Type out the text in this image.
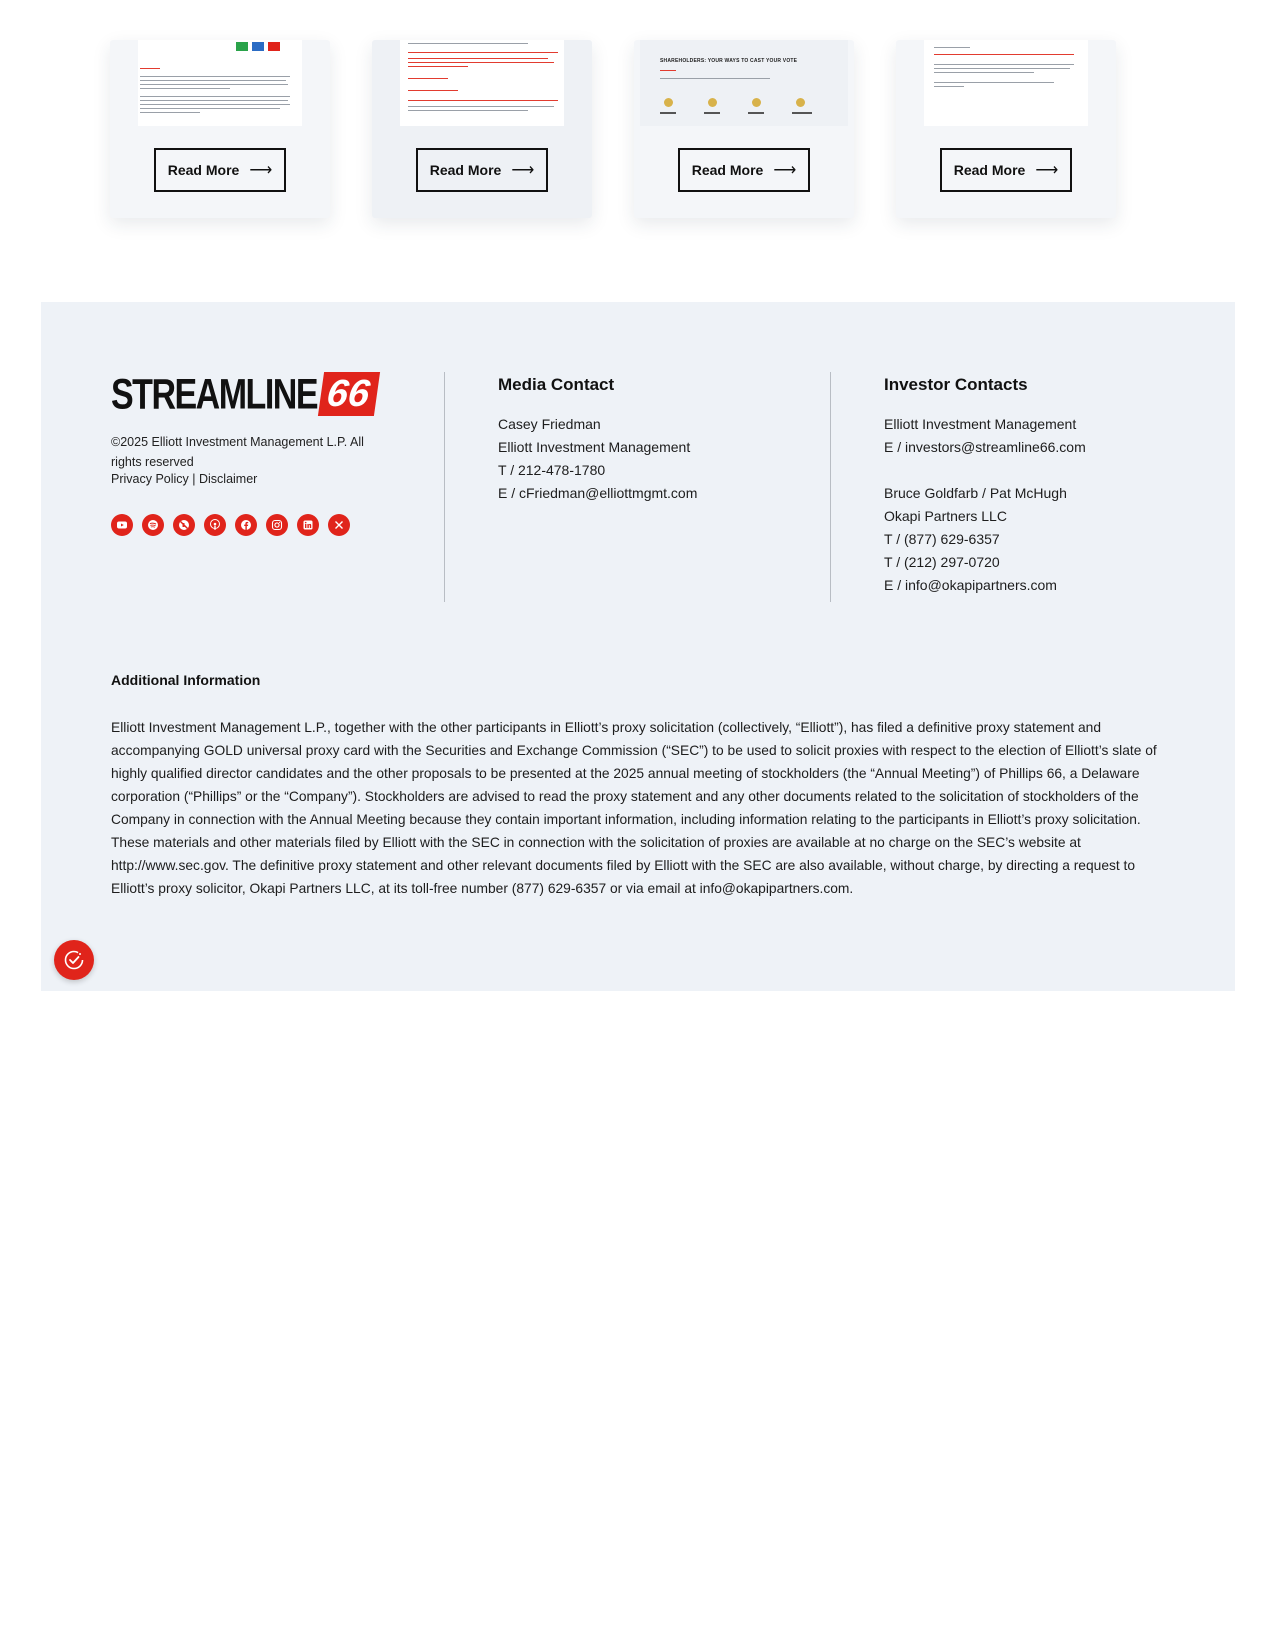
Read More ⟶	Read More ⟶
SHAREHOLDERS: YOUR WAYS TO CAST YOUR VOTE
Read More ⟶	Read More ⟶
STREAMLINE 66
©2025 Elliott Investment Management L.P. All rights reserved
Privacy Policy | Disclaimer
Media Contact

Casey Friedman

Elliott Investment Management

T / 212-478-1780

E / cFriedman@elliottmgmt.com

Investor Contacts

Elliott Investment Management

E / investors@streamline66.com

Bruce Goldfarb / Pat McHugh

Okapi Partners LLC

T / (877) 629-6357

T / (212) 297-0720

E / info@okapipartners.com

Additional Information

Elliott Investment Management L.P., together with the other participants in Elliott’s proxy solicitation (collectively, “Elliott”), has filed a definitive proxy statement and accompanying GOLD universal proxy card with the Securities and Exchange Commission (“SEC”) to be used to solicit proxies with respect to the election of Elliott’s slate of highly qualified director candidates and the other proposals to be presented at the 2025 annual meeting of stockholders (the “Annual Meeting”) of Phillips 66, a Delaware corporation (“Phillips” or the “Company”). Stockholders are advised to read the proxy statement and any other documents related to the solicitation of stockholders of the Company in connection with the Annual Meeting because they contain important information, including information relating to the participants in Elliott’s proxy solicitation. These materials and other materials filed by Elliott with the SEC in connection with the solicitation of proxies are available at no charge on the SEC’s website at http://www.sec.gov. The definitive proxy statement and other relevant documents filed by Elliott with the SEC are also available, without charge, by directing a request to Elliott’s proxy solicitor, Okapi Partners LLC, at its toll-free number (877) 629-6357 or via email at info@okapipartners.com.
